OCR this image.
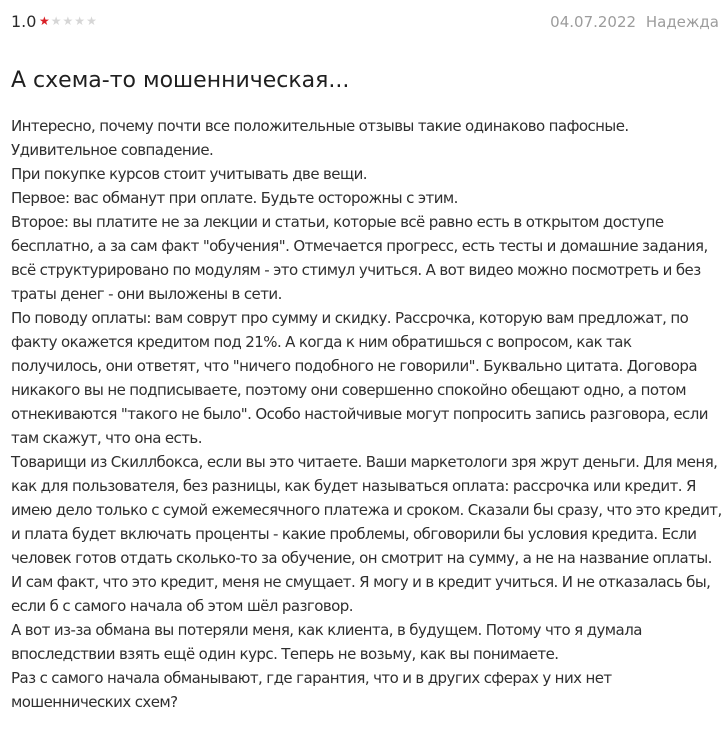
1.0 ★ ★ ★ ★ ★	04.07.2022 Надежда
А схема-то мошенническая...

Интересно, почему почти все положительные отзывы такие одинаково пафосные. Удивительное совпадение.

При покупке курсов стоит учитывать две вещи.

Первое: вас обманут при оплате. Будьте осторожны с этим.

Второе: вы платите не за лекции и статьи, которые всё равно есть в открытом доступе бесплатно, а за сам факт "обучения". Отмечается прогресс, есть тесты и домашние задания, всё структурировано по модулям - это стимул учиться. А вот видео можно посмотреть и без траты денег - они выложены в сети.

По поводу оплаты: вам соврут про сумму и скидку. Рассрочка, которую вам предложат, по факту окажется кредитом под 21%. А когда к ним обратишься с вопросом, как так получилось, они ответят, что "ничего подобного не говорили". Буквально цитата. Договора никакого вы не подписываете, поэтому они совершенно спокойно обещают одно, а потом отнекиваются "такого не было". Особо настойчивые могут попросить запись разговора, если там скажут, что она есть.

Товарищи из Скиллбокса, если вы это читаете. Ваши маркетологи зря жрут деньги. Для меня, как для пользователя, без разницы, как будет называться оплата: рассрочка или кредит. Я имею дело только с сумой ежемесячного платежа и сроком. Сказали бы сразу, что это кредит, и плата будет включать проценты - какие проблемы, обговорили бы условия кредита. Если человек готов отдать сколько-то за обучение, он смотрит на сумму, а не на название оплаты.

И сам факт, что это кредит, меня не смущает. Я могу и в кредит учиться. И не отказалась бы, если б с самого начала об этом шёл разговор.

А вот из-за обмана вы потеряли меня, как клиента, в будущем. Потому что я думала впоследствии взять ещё один курс. Теперь не возьму, как вы понимаете.

Раз с самого начала обманывают, где гарантия, что и в других сферах у них нет мошеннических схем?
